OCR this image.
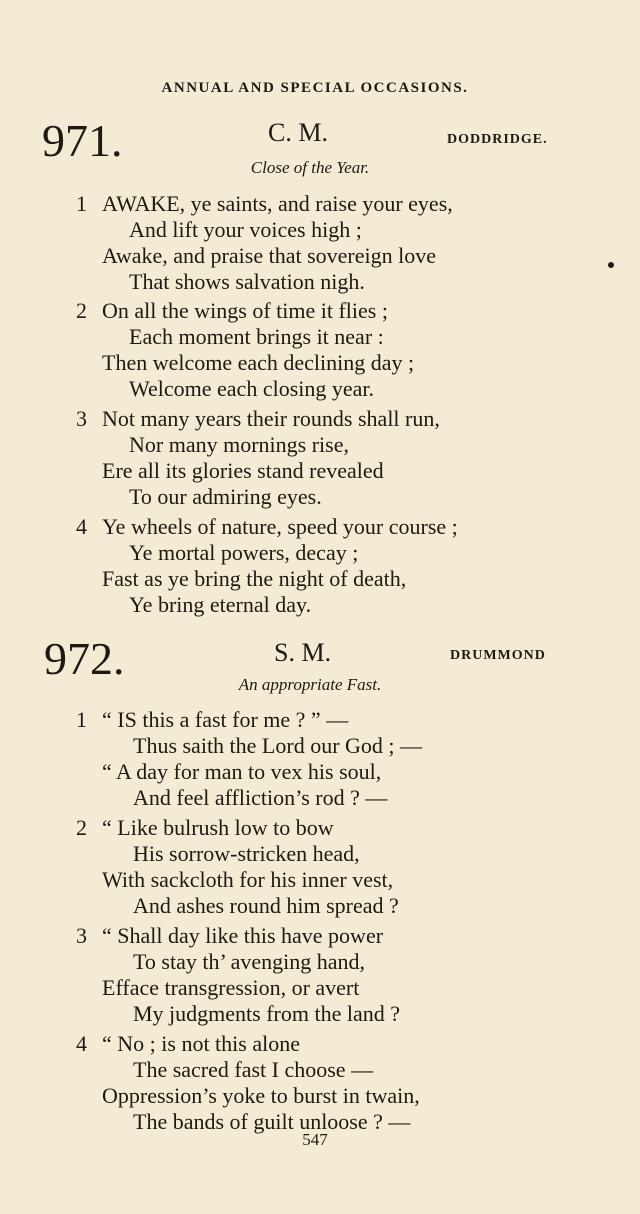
ANNUAL AND SPECIAL OCCASIONS.
971.	C. M.	DODDRIDGE.
Close of the Year.
1 AWAKE, ye saints, and raise your eyes,
And lift your voices high ;
Awake, and praise that sovereign love
That shows salvation nigh.
2 On all the wings of time it flies ;
Each moment brings it near :
Then welcome each declining day ;
Welcome each closing year.
3 Not many years their rounds shall run,
Nor many mornings rise,
Ere all its glories stand revealed
To our admiring eyes.
4 Ye wheels of nature, speed your course ;
Ye mortal powers, decay ;
Fast as ye bring the night of death,
Ye bring eternal day.
972.	S. M.	DRUMMOND
An appropriate Fast.
1 “ IS this a fast for me ? ” —
Thus saith the Lord our God ; —
“ A day for man to vex his soul,
And feel affliction’s rod ? —
2 “ Like bulrush low to bow
His sorrow-stricken head,
With sackcloth for his inner vest,
And ashes round him spread ?
3 “ Shall day like this have power
To stay th’ avenging hand,
Efface transgression, or avert
My judgments from the land ?
4 “ No ; is not this alone
The sacred fast I choose —
Oppression’s yoke to burst in twain,
The bands of guilt unloose ? —
547
